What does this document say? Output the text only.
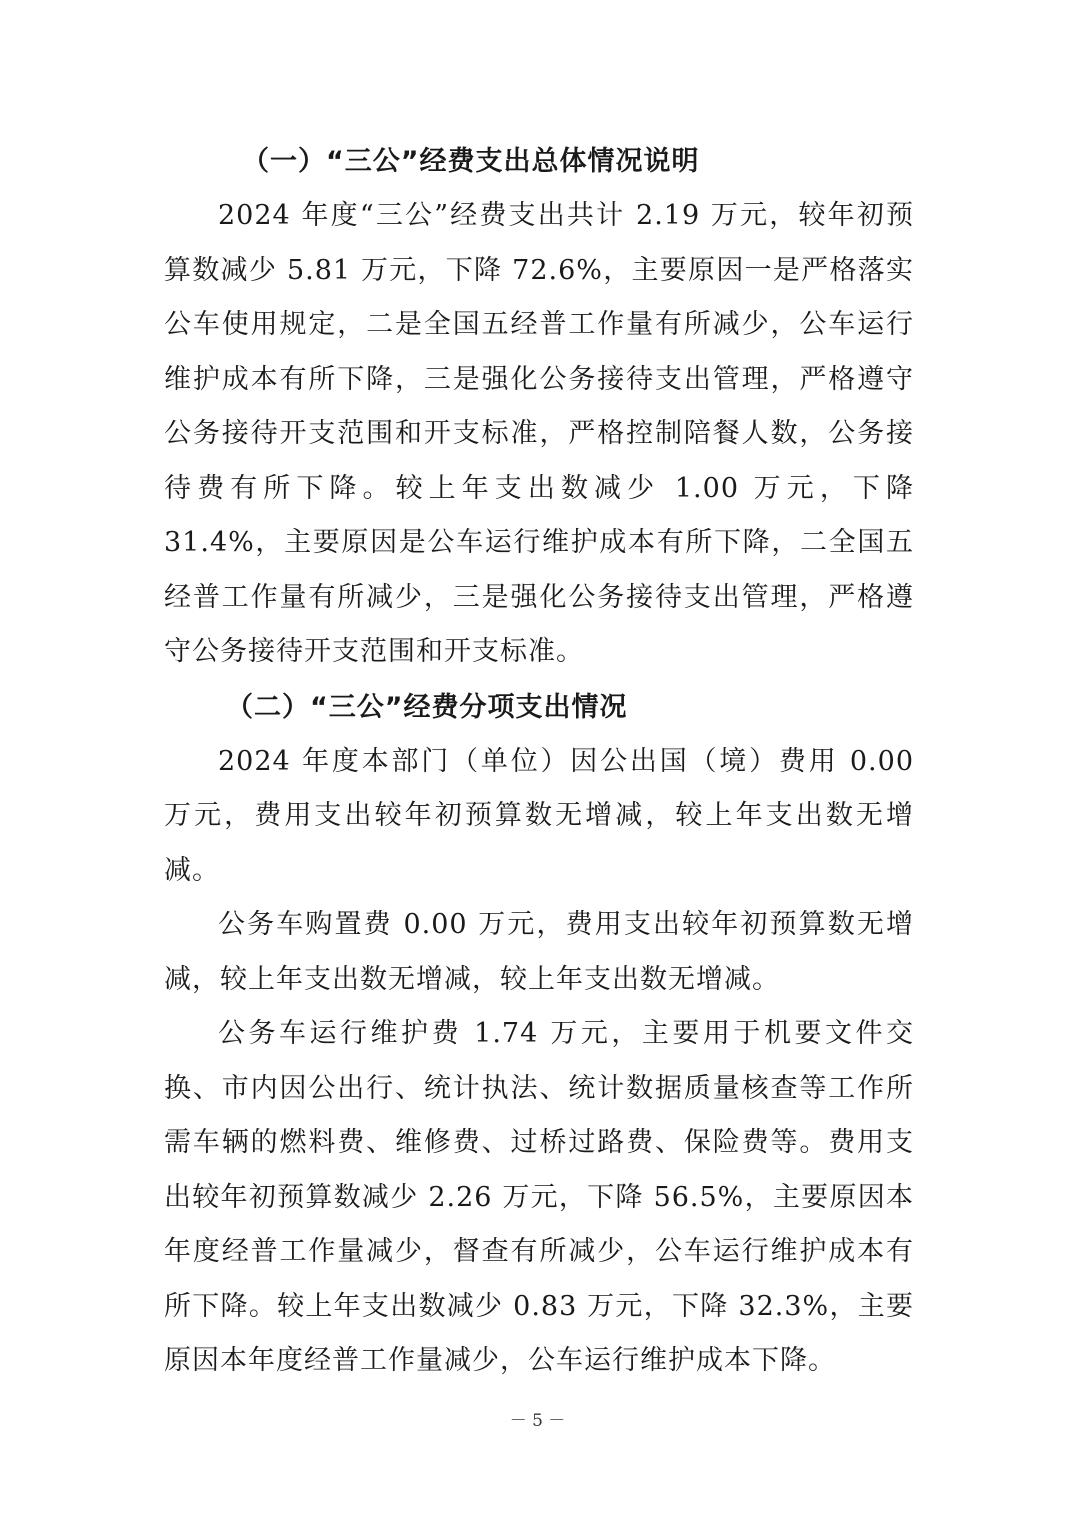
（一）“三公”经费支出总体情况说明

2024 年度“三公”经费支出共计 2.19 万元，较年初预算数减少 5.81 万元，下降 72.6%，主要原因一是严格落实公车使用规定，二是全国五经普工作量有所减少，公车运行维护成本有所下降，三是强化公务接待支出管理，严格遵守公务接待开支范围和开支标准，严格控制陪餐人数，公务接待费有所下降。较上年支出数减少 1.00 万元，下降 31.4%，主要原因是公车运行维护成本有所下降，二全国五经普工作量有所减少，三是强化公务接待支出管理，严格遵守公务接待开支范围和开支标准。

（二）“三公”经费分项支出情况

2024 年度本部门（单位）因公出国（境）费用 0.00 万元，费用支出较年初预算数无增减，较上年支出数无增减。

公务车购置费 0.00 万元，费用支出较年初预算数无增减，较上年支出数无增减，较上年支出数无增减。

公务车运行维护费 1.74 万元，主要用于机要文件交换、市内因公出行、统计执法、统计数据质量核查等工作所需车辆的燃料费、维修费、过桥过路费、保险费等。费用支出较年初预算数减少 2.26 万元，下降 56.5%，主要原因本年度经普工作量减少，督查有所减少，公车运行维护成本有所下降。较上年支出数减少 0.83 万元，下降 32.3%，主要原因本年度经普工作量减少，公车运行维护成本下降。

－ 5 －
